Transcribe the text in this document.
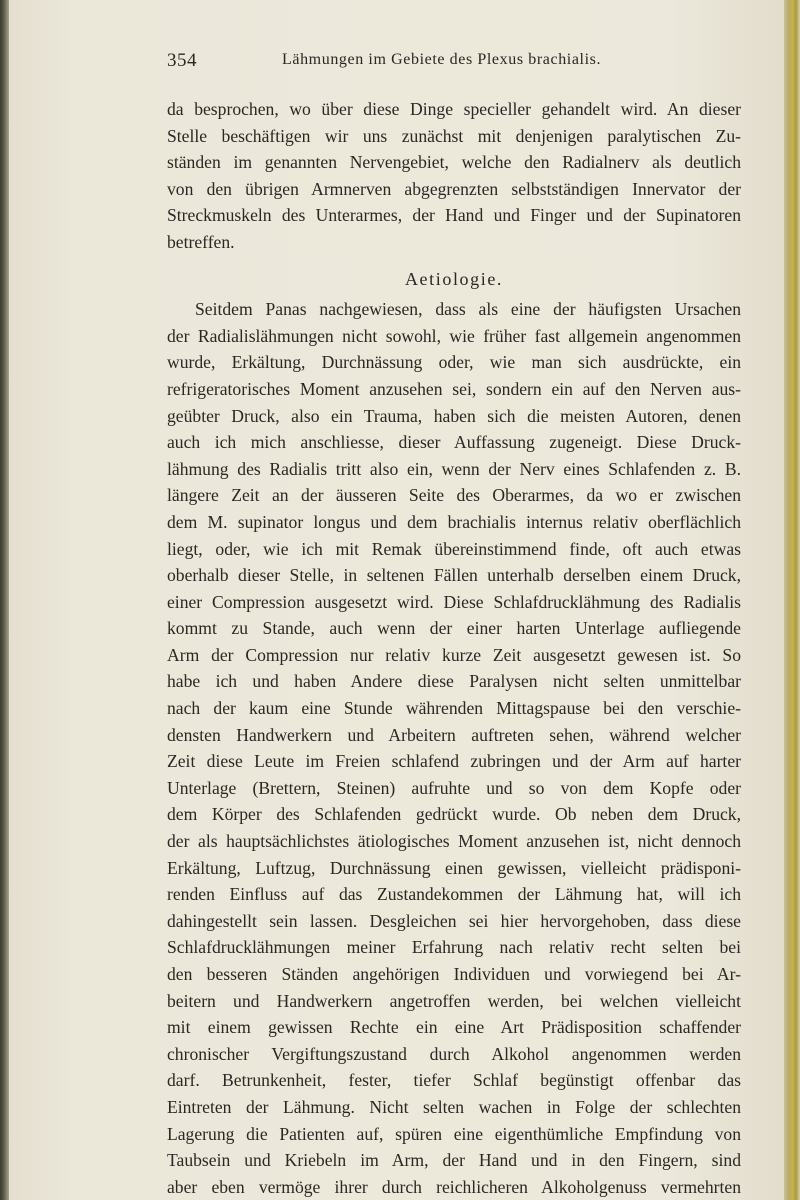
354	Lähmungen im Gebiete des Plexus brachialis.
da besprochen, wo über diese Dinge specieller gehandelt wird. An dieser
Stelle beschäftigen wir uns zunächst mit denjenigen paralytischen Zu-
ständen im genannten Nervengebiet, welche den Radialnerv als deutlich
von den übrigen Armnerven abgegrenzten selbstständigen Innervator der
Streckmuskeln des Unterarmes, der Hand und Finger und der Supinatoren
betreffen.
Aetiologie.
Seitdem Panas nachgewiesen, dass als eine der häufigsten Ursachen
der Radialislähmungen nicht sowohl, wie früher fast allgemein angenommen
wurde, Erkältung, Durchnässung oder, wie man sich ausdrückte, ein
refrigeratorisches Moment anzusehen sei, sondern ein auf den Nerven aus-
geübter Druck, also ein Trauma, haben sich die meisten Autoren, denen
auch ich mich anschliesse, dieser Auffassung zugeneigt. Diese Druck-
lähmung des Radialis tritt also ein, wenn der Nerv eines Schlafenden z. B.
längere Zeit an der äusseren Seite des Oberarmes, da wo er zwischen
dem M. supinator longus und dem brachialis internus relativ oberflächlich
liegt, oder, wie ich mit Remak übereinstimmend finde, oft auch etwas
oberhalb dieser Stelle, in seltenen Fällen unterhalb derselben einem Druck,
einer Compression ausgesetzt wird. Diese Schlafdrucklähmung des Radialis
kommt zu Stande, auch wenn der einer harten Unterlage aufliegende
Arm der Compression nur relativ kurze Zeit ausgesetzt gewesen ist. So
habe ich und haben Andere diese Paralysen nicht selten unmittelbar
nach der kaum eine Stunde währenden Mittagspause bei den verschie-
densten Handwerkern und Arbeitern auftreten sehen, während welcher
Zeit diese Leute im Freien schlafend zubringen und der Arm auf harter
Unterlage (Brettern, Steinen) aufruhte und so von dem Kopfe oder
dem Körper des Schlafenden gedrückt wurde. Ob neben dem Druck,
der als hauptsächlichstes ätiologisches Moment anzusehen ist, nicht dennoch
Erkältung, Luftzug, Durchnässung einen gewissen, vielleicht prädisponi-
renden Einfluss auf das Zustandekommen der Lähmung hat, will ich
dahingestellt sein lassen. Desgleichen sei hier hervorgehoben, dass diese
Schlafdrucklähmungen meiner Erfahrung nach relativ recht selten bei
den besseren Ständen angehörigen Individuen und vorwiegend bei Ar-
beitern und Handwerkern angetroffen werden, bei welchen vielleicht
mit einem gewissen Rechte ein eine Art Prädisposition schaffender
chronischer Vergiftungszustand durch Alkohol angenommen werden
darf. Betrunkenheit, fester, tiefer Schlaf begünstigt offenbar das
Eintreten der Lähmung. Nicht selten wachen in Folge der schlechten
Lagerung die Patienten auf, spüren eine eigenthümliche Empfindung von
Taubsein und Kriebeln im Arm, der Hand und in den Fingern, sind
aber eben vermöge ihrer durch reichlicheren Alkoholgenuss vermehrten
